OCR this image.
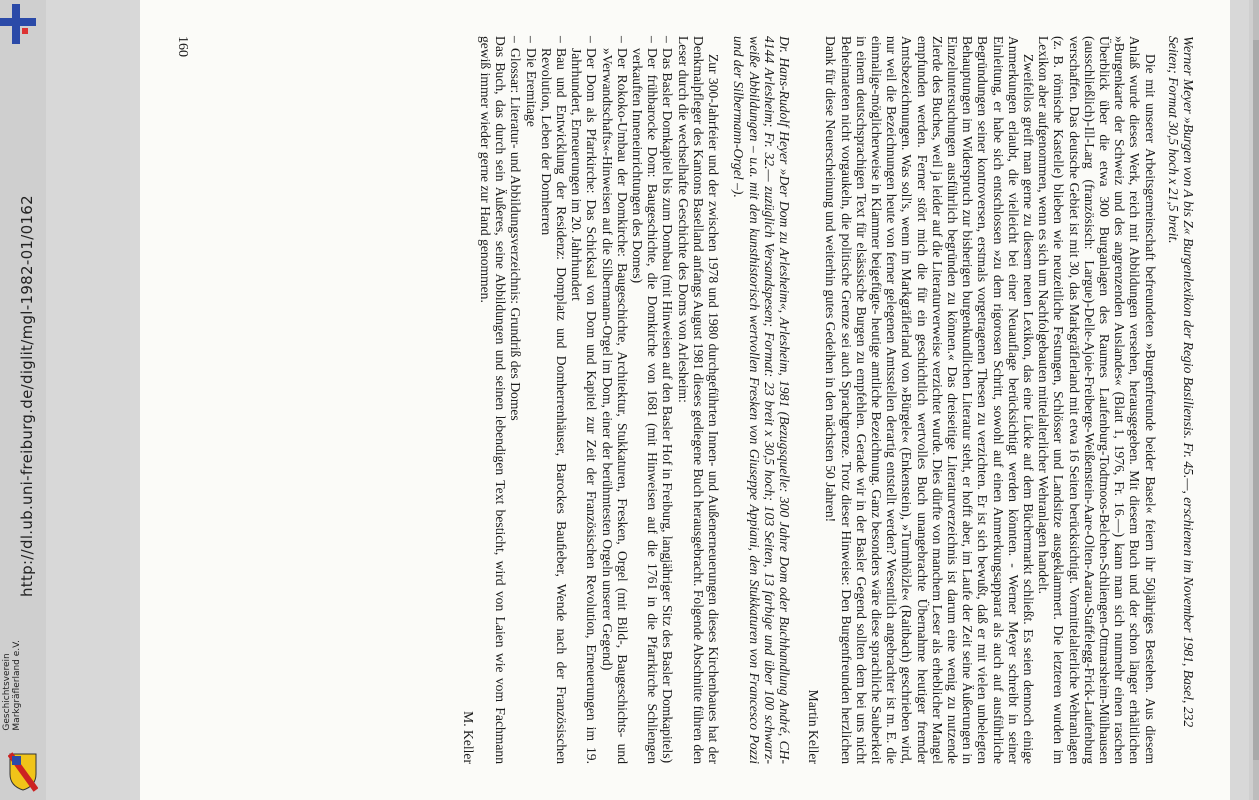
http://dl.ub.uni-freiburg.de/diglit/mgl-1982-01/0162
Geschichtsverein
Markgräflerland e.V.	Werner Meyer »Burgen von A bis Z« Burgenlexikon der Regio Basiliensis. Fr. 45.—, erschienen im November 1981, Basel, 232 Seiten; Format 30,5 hoch x 21,5 breit.

Die mit unserer Arbeitsgemeinschaft befreundeten »Burgenfreunde beider Basel« feiern ihr 50jähriges Bestehen. Aus diesem Anlaß wurde dieses Werk, reich mit Abbildungen versehen, herausgegeben. Mit diesem Buch und der schon länger erhältlichen »Burgenkarte der Schweiz und des angrenzenden Auslandes« (Blatt 1, 1976, Fr. 16.—) kann man sich nunmehr einen raschen Überblick über die etwa 300 Burganlagen des Raumes Laufenburg-Todtmoos-Belchen-Schliengen-Ottmarsheim-Mülhausen (ausschließlich)-Ill-Larg (französisch: Largue)-Delle-Ajoie-Freiberge-Weißenstein-Aare-Olten-Aarau-Staffelegg-Frick-Laufenburg verschaffen. Das deutsche Gebiet ist mit 30, das Markgräflerland mit etwa 16 Seiten berücksichtigt. Vormittelalterliche Wehranlagen (z. B. römische Kastelle) blieben wie neuzeitliche Festungen, Schlösser und Landsitze ausgeklammert. Die letzteren wurden im Lexikon aber aufgenommen, wenn es sich um Nachfolgebauten mittelalterlicher Wehranlagen handelt.

Zweifellos greift man gerne zu diesem neuen Lexikon, das eine Lücke auf dem Büchermarkt schließt. Es seien dennoch einige Anmerkungen erlaubt, die vielleicht bei einer Neuauflage berücksichtigt werden könnten. - Werner Meyer schreibt in seiner Einleitung, er habe sich entschlossen »zu dem rigorosen Schritt, sowohl auf einen Anmerkungsapparat als auch auf ausführliche Begründungen seiner kontroversen, erstmals vorgetragenen Thesen zu verzichten. Er ist sich bewußt, daß er mit vielen unbelegten Behauptungen im Widerspruch zur bisherigen burgenkundlichen Literatur steht, er hofft aber, im Laufe der Zeit seine Äußerungen in Einzeluntersuchungen ausführlich begründen zu können.« Das dreiseitige Literaturverzeichnis ist darum eine wenig zu nutzende Zierde des Buches, weil ja leider auf die Literaturverweise verzichtet wurde. Dies dürfte von manchem Leser als erheblicher Mangel empfunden werden. Ferner stört mich die für ein geschichtlich wertvolles Buch unangebrachte Übernahme heutiger fremder Amtsbezeichnungen. Was soll's, wenn im Markgräflerland von »Bürgele« (Enkenstein), »Turmhölzle« (Raitbach) geschrieben wird, nur weil die Bezeichnungen heute von ferner gelegenen Amtsstellen derartig entstellt werden? Wesentlich angebrachter ist m. E. die einmalige-möglicherweise in Klammer beigefügte- heutige amtliche Bezeichnung. Ganz besonders wäre diese sprachliche Sauberkeit in einem deutschsprachigen Text für elsässische Burgen zu empfehlen. Gerade wir in der Basler Gegend sollten dem bei uns nicht Beheimateten nicht vorgaukeln, die politische Grenze sei auch Sprachgrenze. Trotz dieser Hinweise: Den Burgenfreunden herzlichen Dank für diese Neuerscheinung und weiterhin gutes Gedeihen in den nächsten 50 Jahren!

Martin Keller

Dr. Hans-Rudolf Heyer »Der Dom zu Arlesheim«, Arlesheim, 1981 (Bezugsquelle: 300 Jahre Dom oder Buchhandlung André, CH-4144 Arlesheim; Fr. 32.— zuzüglich Versandspesen; Format: 23 breit x 30,5 hoch; 103 Seiten, 13 farbige und über 100 schwarz-weiße Abbildungen – u.a. mit den kunsthistorisch wertvollen Fresken von Giuseppe Appiani, den Stukkaturen von Francesco Pozzi und der Silbermann-Orgel –).

Zur 300-Jahrfeier und der zwischen 1978 und 1980 durchgeführten Innen- und Außenerneuerungen dieses Kirchenbaues hat der Denkmalpfleger des Kantons Baselland anfangs August 1981 dieses gediegene Buch herausgebracht. Folgende Abschnitte führen den Leser durch die wechselhafte Geschichte des Doms von Arlesheim:

– Das Basler Domkapitel bis zum Dombau (mit Hinweisen auf den Basler Hof in Freiburg, langjähriger Sitz des Basler Domkapitels)
– Der frühbarocke Dom: Baugeschichte, die Domkirche von 1681 (mit Hinweisen auf die 1761 in die Pfarrkirche Schliengen verkauften Inneneinrichtungen des Domes)
– Der Rokoko-Umbau der Domkirche: Baugeschichte, Architektur, Stukkaturen, Fresken, Orgel (mit Bild-, Baugeschichts- und »Verwandtschafts«-Hinweisen auf die Silbermann-Orgel im Dom, einer der berühmtesten Orgeln unserer Gegend)
– Der Dom als Pfarrkirche: Das Schicksal von Dom und Kapitel zur Zeit der Französischen Revolution, Erneuerungen im 19. Jahrhundert, Erneuerungen im 20. Jahrhundert
– Bau und Entwicklung der Residenz: Domplatz und Domherrenhäuser, Barockes Bauﬁeber, Wende nach der Französischen Revolution, Leben der Domherren
– Die Eremitage
– Glossar: Literatur- und Abbildungsverzeichnis: Grundriß des Domes

Das Buch, das durch sein Äußeres, seine Abbildungen und seinen lebendigen Text besticht, wird von Laien wie vom Fachmann gewiß immer wieder gerne zur Hand genommen.

M. Keller

160
